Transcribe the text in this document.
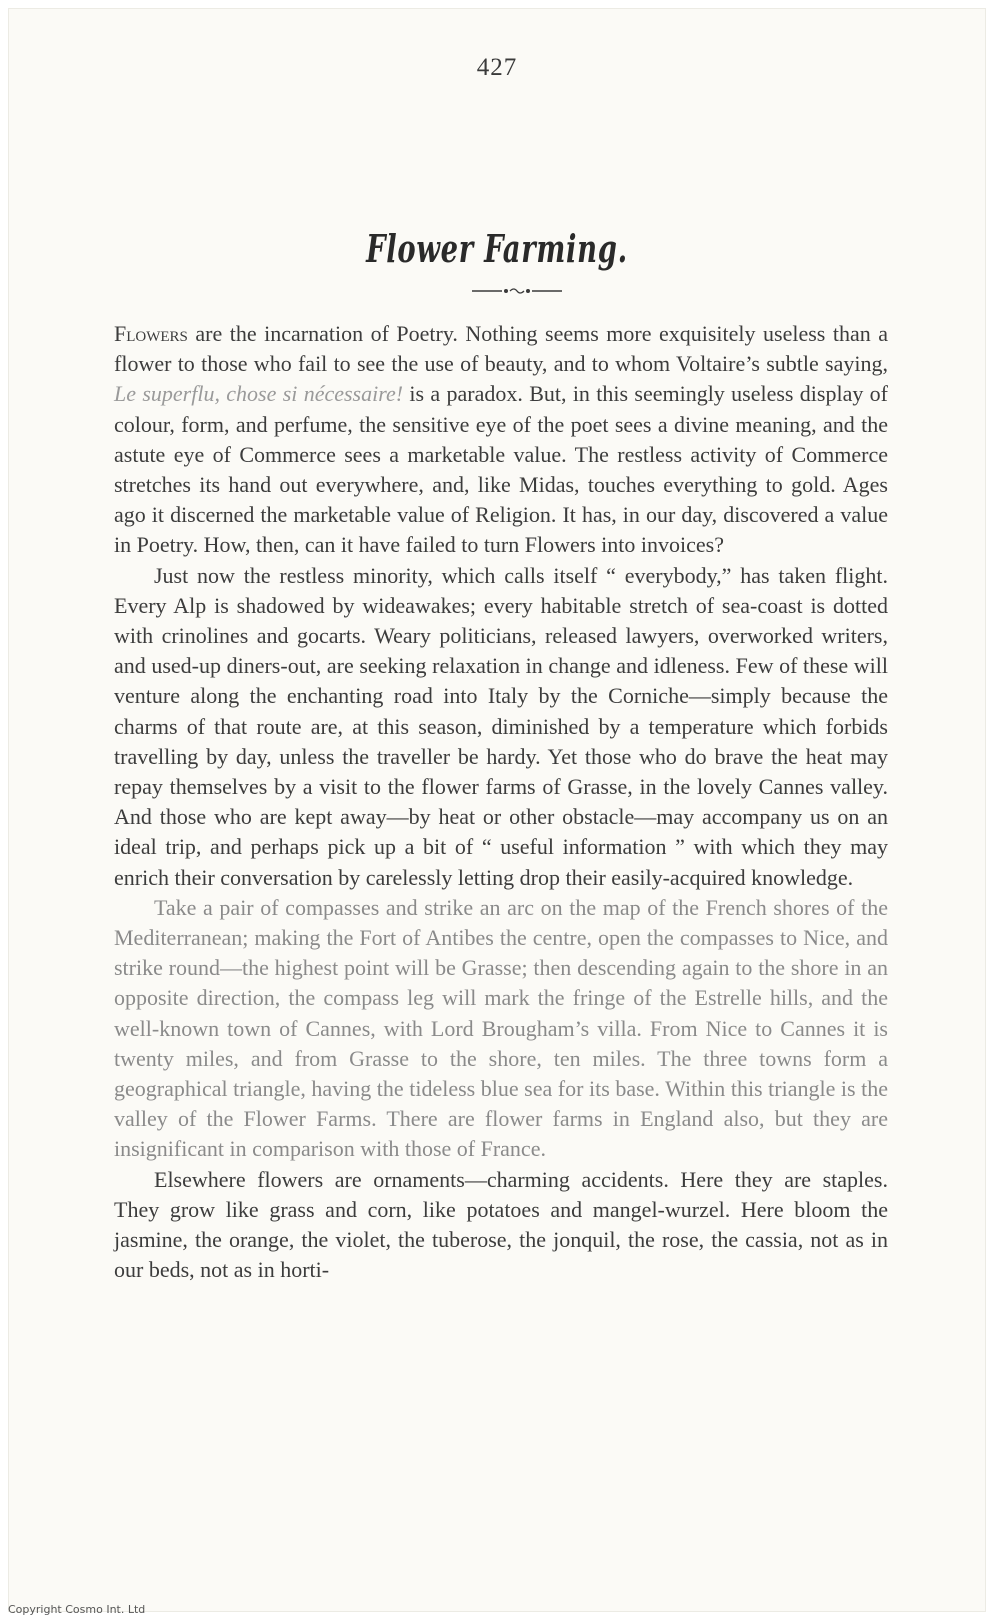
427
Flower Farming.

Flowers are the incarnation of Poetry. Nothing seems more exquisitely useless than a flower to those who fail to see the use of beauty, and to whom Voltaire’s subtle saying, Le superflu, chose si nécessaire! is a paradox. But, in this seemingly useless display of colour, form, and perfume, the sensitive eye of the poet sees a divine meaning, and the astute eye of Commerce sees a marketable value. The restless activity of Commerce stretches its hand out everywhere, and, like Midas, touches everything to gold. Ages ago it discerned the marketable value of Religion. It has, in our day, discovered a value in Poetry. How, then, can it have failed to turn Flowers into invoices?

Just now the restless minority, which calls itself “ everybody,” has taken flight. Every Alp is shadowed by wideawakes; every habitable stretch of sea-coast is dotted with crinolines and gocarts. Weary politicians, released lawyers, overworked writers, and used-up diners-out, are seeking relaxation in change and idleness. Few of these will venture along the enchanting road into Italy by the Corniche—simply because the charms of that route are, at this season, diminished by a temperature which forbids travelling by day, unless the traveller be hardy. Yet those who do brave the heat may repay themselves by a visit to the flower farms of Grasse, in the lovely Cannes valley. And those who are kept away—by heat or other obstacle—may accompany us on an ideal trip, and perhaps pick up a bit of “ useful information ” with which they may enrich their conversation by carelessly letting drop their easily-acquired knowledge.

Take a pair of compasses and strike an arc on the map of the French shores of the Mediterranean; making the Fort of Antibes the centre, open the compasses to Nice, and strike round—the highest point will be Grasse; then descending again to the shore in an opposite direction, the compass leg will mark the fringe of the Estrelle hills, and the well-known town of Cannes, with Lord Brougham’s villa. From Nice to Cannes it is twenty miles, and from Grasse to the shore, ten miles. The three towns form a geographical triangle, having the tideless blue sea for its base. Within this triangle is the valley of the Flower Farms. There are flower farms in England also, but they are insignificant in comparison with those of France.

Elsewhere flowers are ornaments—charming accidents. Here they are staples. They grow like grass and corn, like potatoes and mangel-wurzel. Here bloom the jasmine, the orange, the violet, the tuberose, the jonquil, the rose, the cassia, not as in our beds, not as in horti-

Copyright Cosmo Int. Ltd
